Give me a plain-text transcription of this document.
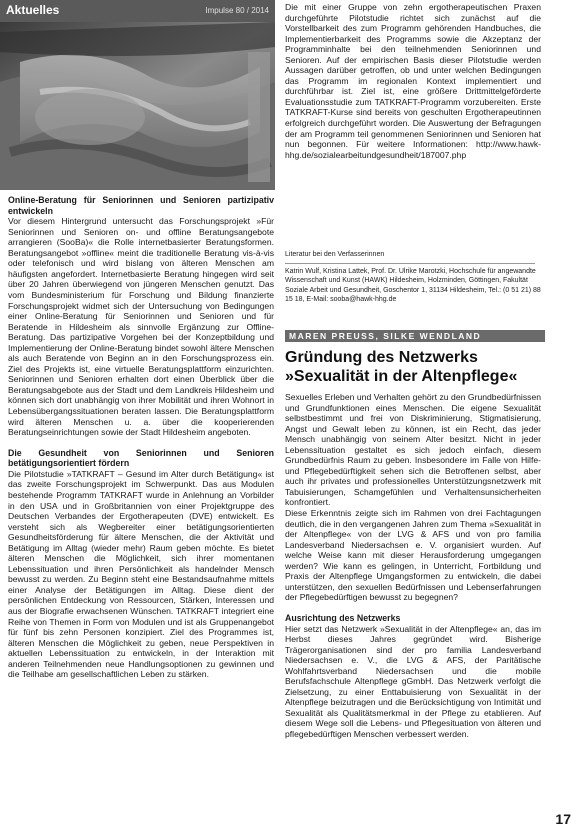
Aktuelles	Impulse 80 / 2014

Online-Beratung für Seniorinnen und Senioren partizipativ entwickeln

Vor diesem Hintergrund untersucht das Forschungsprojekt »Für Seniorinnen und Senioren on- und offline Beratungsangebote arrangieren (SooBa)« die Rolle internetbasierter Beratungsformen. Beratungsangebot »offline« meint die traditionelle Beratung vis-à-vis oder telefonisch und wird bislang von älteren Menschen am häufigsten angefordert. Internetbasierte Beratung hingegen wird seit über 20 Jahren überwiegend von jüngeren Menschen genutzt. Das vom Bundesministerium für Forschung und Bildung finanzierte Forschungsprojekt widmet sich der Untersuchung von Bedingungen einer Online-Beratung für Seniorinnen und Senioren und für Beratende in Hildesheim als sinnvolle Ergänzung zur Offline-Beratung. Das partizipative Vorgehen bei der Konzeptbildung und Implementierung der Online-Beratung bindet sowohl ältere Menschen als auch Beratende von Beginn an in den Forschungsprozess ein. Ziel des Projekts ist, eine virtuelle Beratungsplattform einzurichten. Seniorinnen und Senioren erhalten dort einen Überblick über die Beratungsabgebote aus der Stadt und dem Landkreis Hildesheim und können sich dort unabhängig von ihrer Mobilität und ihren Wohnort in Lebensübergangssituationen beraten lassen. Die Beratungsplattform wird älteren Menschen u. a. über die kooperierenden Beratungseinrichtungen sowie der Stadt Hildesheim angeboten.

Die Gesundheit von Seniorinnen und Senioren betätigungsorientiert fördern

Die Pilotstudie »TATKRAFT – Gesund im Alter durch Betätigung« ist das zweite Forschungsprojekt im Schwerpunkt. Das aus Modulen bestehende Programm TATKRAFT wurde in Anlehnung an Vorbilder in den USA und in Großbritannien von einer Projektgruppe des Deutschen Verbandes der Ergotherapeuten (DVE) entwickelt. Es versteht sich als Wegbereiter einer betätigungsorientierten Gesundheitsförderung für ältere Menschen, die der Aktivität und Betätigung im Alltag (wieder mehr) Raum geben möchte. Es bietet älteren Menschen die Möglichkeit, sich ihrer momentanen Lebenssituation und ihren Persönlichkeit als handelnder Mensch bewusst zu werden. Zu Beginn steht eine Bestandsaufnahme mittels einer Analyse der Betätigungen im Alltag. Diese dient der persönlichen Entdeckung von Ressourcen, Stärken, Interessen und aus der Biografie erwachsenen Wünschen. TATKRAFT integriert eine Reihe von Themen in Form von Modulen und ist als Gruppenangebot für fünf bis zehn Personen konzipiert. Ziel des Programmes ist, älteren Menschen die Möglichkeit zu geben, neue Perspektiven in aktuellen Lebenssituation zu entwickeln, in der Interaktion mit anderen Teilnehmenden neue Handlungsoptionen zu gewinnen und die Teilhabe am gesellschaftlichen Leben zu stärken.

Die mit einer Gruppe von zehn ergotherapeutischen Praxen durchgeführte Pilotstudie richtet sich zunächst auf die Vorstellbarkeit des zum Programm gehörenden Handbuches, die Implementierbarkeit des Programms sowie die Akzeptanz der Programminhalte bei den teilnehmenden Seniorinnen und Senioren. Auf der empirischen Basis dieser Pilotstudie werden Aussagen darüber getroffen, ob und unter welchen Bedingungen das Programm im regionalen Kontext implementiert und durchführbar ist. Ziel ist, eine größere Drittmittelgeförderte Evaluationsstudie zum TATKRAFT-Programm vorzubereiten. Erste TATKRAFT-Kurse sind bereits von geschulten Ergotherapeutinnen erfolgreich durchgeführt worden. Die Auswertung der Befragungen der am Programm teil genommenen Seniorinnen und Senioren hat nun begonnen. Für weitere Informationen: http://www.hawk-hhg.de/sozialearbeitundgesundheit/187007.php

Literatur bei den Verfasserinnen

Katrin Wulf, Kristina Lattek, Prof. Dr. Ulrike Marotzki, Hochschule für angewandte Wissenschaft und Kunst (HAWK) Hildesheim, Holzminden, Göttingen, Fakultät Soziale Arbeit und Gesundheit, Goschentor 1, 31134 Hildesheim, Tel.: (0 51 21) 88 15 18, E-Mail: sooba@hawk-hhg.de

MAREN PREUSS, SILKE WENDLAND
Gründung des Netzwerks
»Sexualität in der Altenpflege«

Sexuelles Erleben und Verhalten gehört zu den Grundbedürfnissen und Grundfunktionen eines Menschen. Die eigene Sexualität selbstbestimmt und frei von Diskriminierung, Stigmatisierung, Angst und Gewalt leben zu können, ist ein Recht, das jeder Mensch unabhängig von seinem Alter besitzt. Nicht in jeder Lebenssituation gestaltet es sich jedoch einfach, diesem Grundbedürfnis Raum zu geben. Insbesondere im Falle von Hilfe- und Pflegebedürftigkeit sehen sich die Betroffenen selbst, aber auch ihr privates und professionelles Unterstützungsnetzwerk mit Tabuisierungen, Schamgefühlen und Verhaltensunsicherheiten konfrontiert.

Diese Erkenntnis zeigte sich im Rahmen von drei Fachtagungen deutlich, die in den vergangenen Jahren zum Thema »Sexualität in der Altenpflege« von der LVG & AFS und von pro familia Landesverband Niedersachsen e. V. organisiert wurden. Auf welche Weise kann mit dieser Herausforderung umgegangen werden? Wie kann es gelingen, in Unterricht, Fortbildung und Praxis der Altenpflege Umgangsformen zu entwickeln, die dabei unterstützen, den sexuellen Bedürfnissen und Lebenserfahrungen der Pflegebedürftigen bewusst zu begegnen?

Ausrichtung des Netzwerks

Hier setzt das Netzwerk »Sexualität in der Altenpflege« an, das im Herbst dieses Jahres gegründet wird. Bisherige Trägerorganisationen sind der pro familia Landesverband Niedersachsen e. V., die LVG & AFS, der Paritätische Wohlfahrtsverband Niedersachsen und die mobile Berufsfachschule Altenpflege gGmbH. Das Netzwerk verfolgt die Zielsetzung, zu einer Enttabuisierung von Sexualität in der Altenpflege beizutragen und die Berücksichtigung von Intimität und Sexualität als Qualitätsmerkmal in der Pflege zu etablieren. Auf diesem Wege soll die Lebens- und Pflegesituation von älteren und pflegebedürftigen Menschen verbessert werden.

17
